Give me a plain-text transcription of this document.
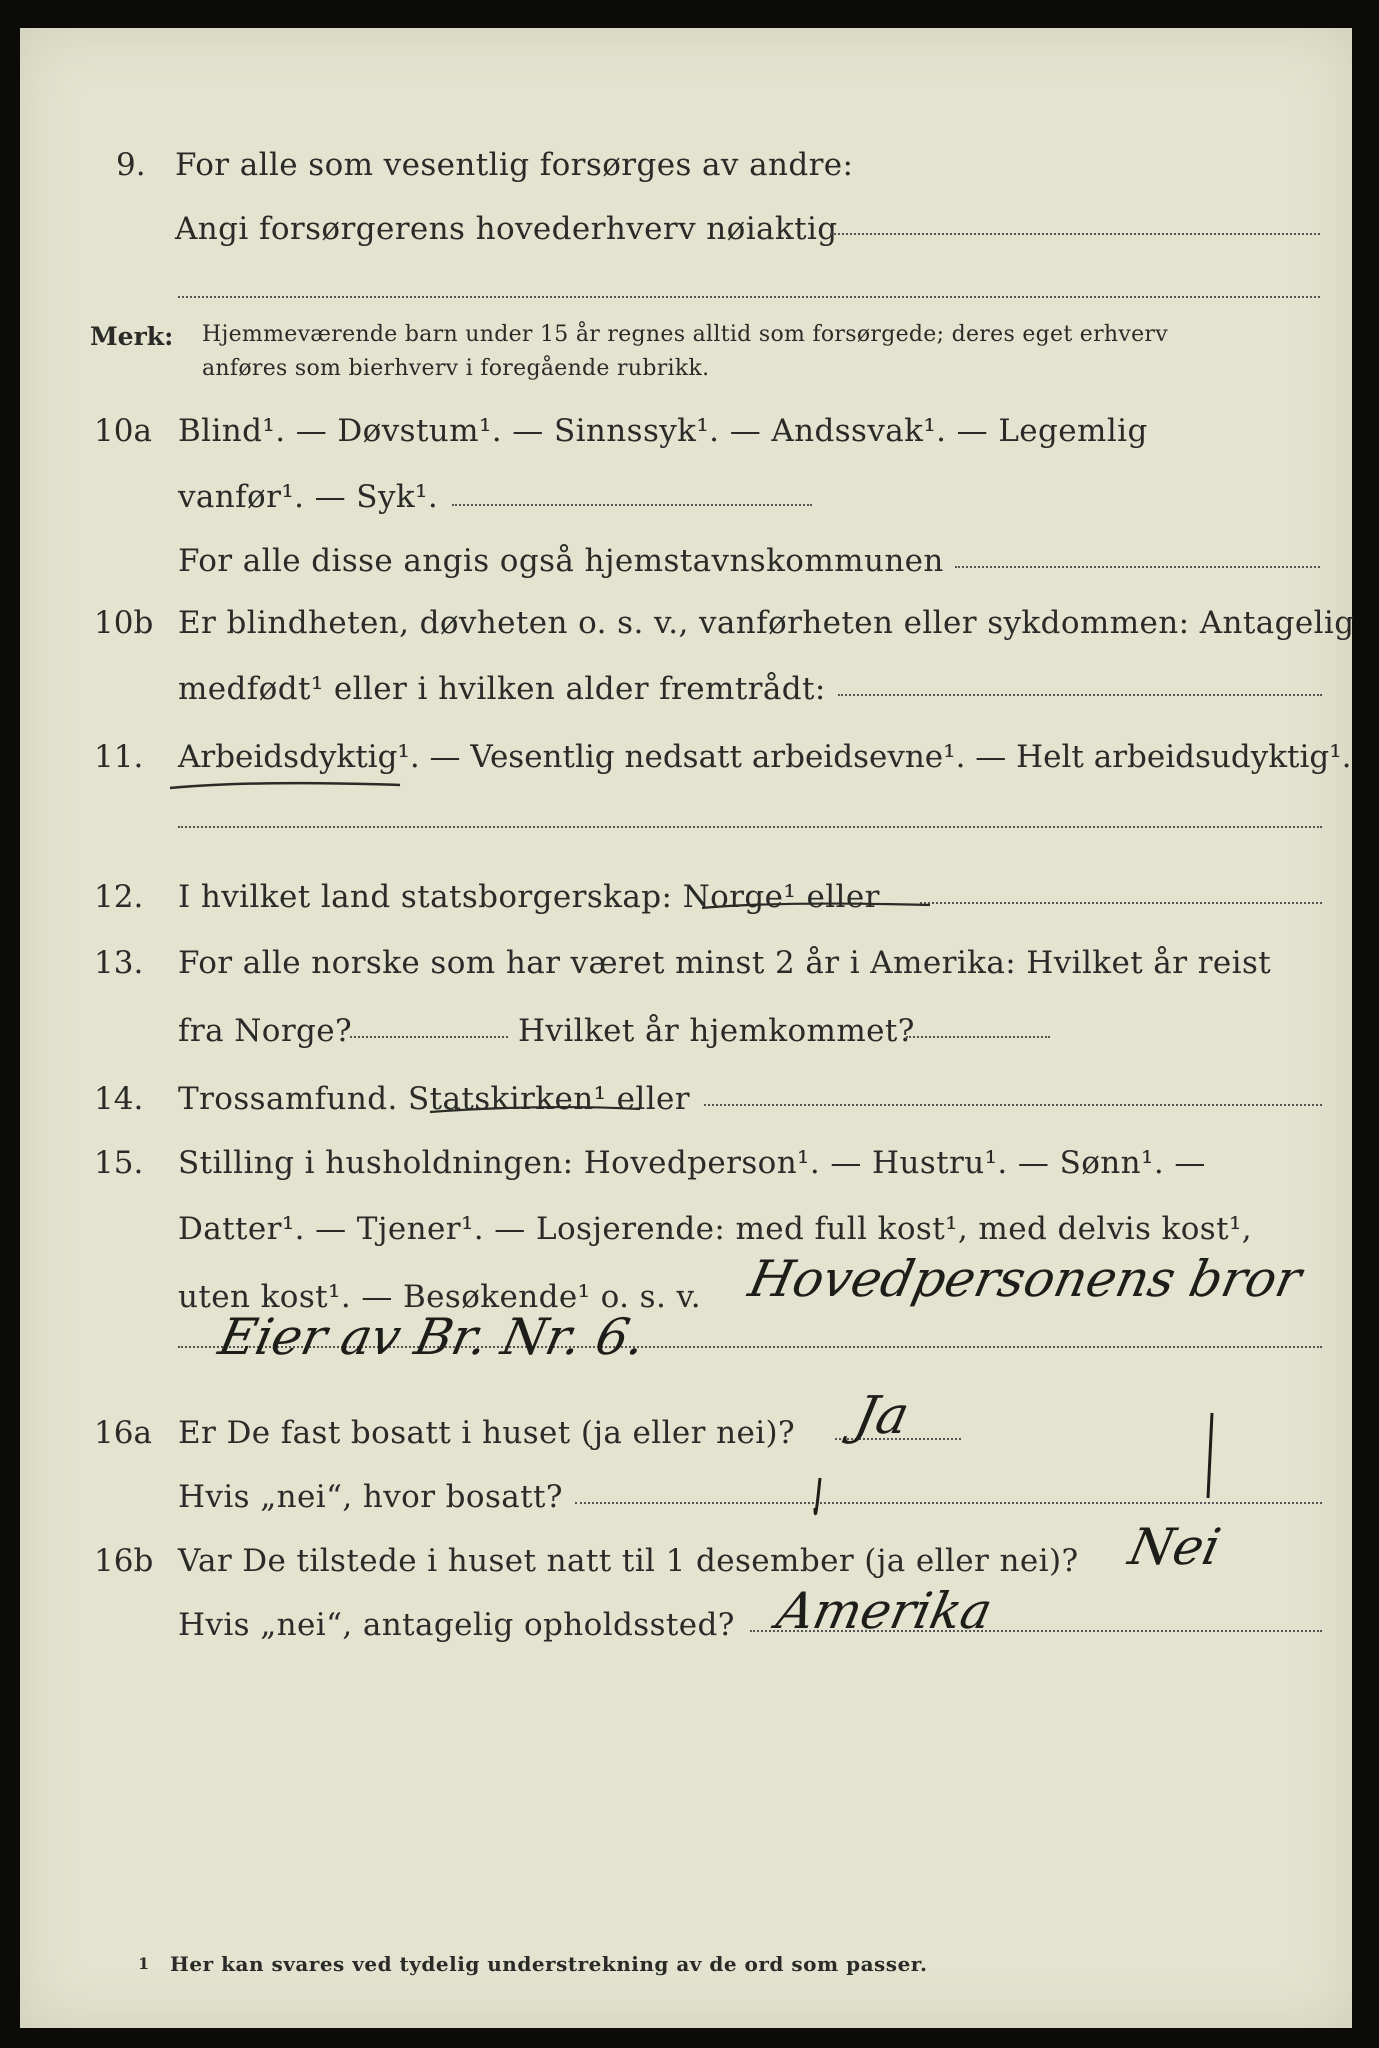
9. For alle som vesentlig forsørges av andre:
Angi forsørgerens hovederhverv nøiaktig
Merk: Hjemmeværende barn under 15 år regnes alltid som forsørgede; deres eget erhverv
anføres som bierhverv i foregående rubrikk.
10a Blind¹. — Døvstum¹. — Sinnssyk¹. — Andssvak¹. — Legemlig
vanfør¹. — Syk¹.
For alle disse angis også hjemstavnskommunen
10b Er blindheten, døvheten o. s. v., vanførheten eller sykdommen: Antagelig
medfødt¹ eller i hvilken alder fremtrådt:
11. Arbeidsdyktig¹. — Vesentlig nedsatt arbeidsevne¹. — Helt arbeidsudyktig¹.
12. I hvilket land statsborgerskap: Norge¹ eller
13. For alle norske som har været minst 2 år i Amerika: Hvilket år reist
fra Norge?	Hvilket år hjemkommet?
14. Trossamfund. Statskirken¹ eller
15. Stilling i husholdningen: Hovedperson¹. — Hustru¹. — Sønn¹. —
Datter¹. — Tjener¹. — Losjerende: med full kost¹, med delvis kost¹,
uten kost¹. — Besøkende¹ o. s. v.
16a Er De fast bosatt i huset (ja eller nei)?
Hvis „nei“, hvor bosatt?
16b Var De tilstede i huset natt til 1 desember (ja eller nei)?
Hvis „nei“, antagelig opholdssted?
Hovedpersonens bror
Eier av Br. Nr. 6.
Ja
Nei
Amerika
1 Her kan svares ved tydelig understrekning av de ord som passer.
